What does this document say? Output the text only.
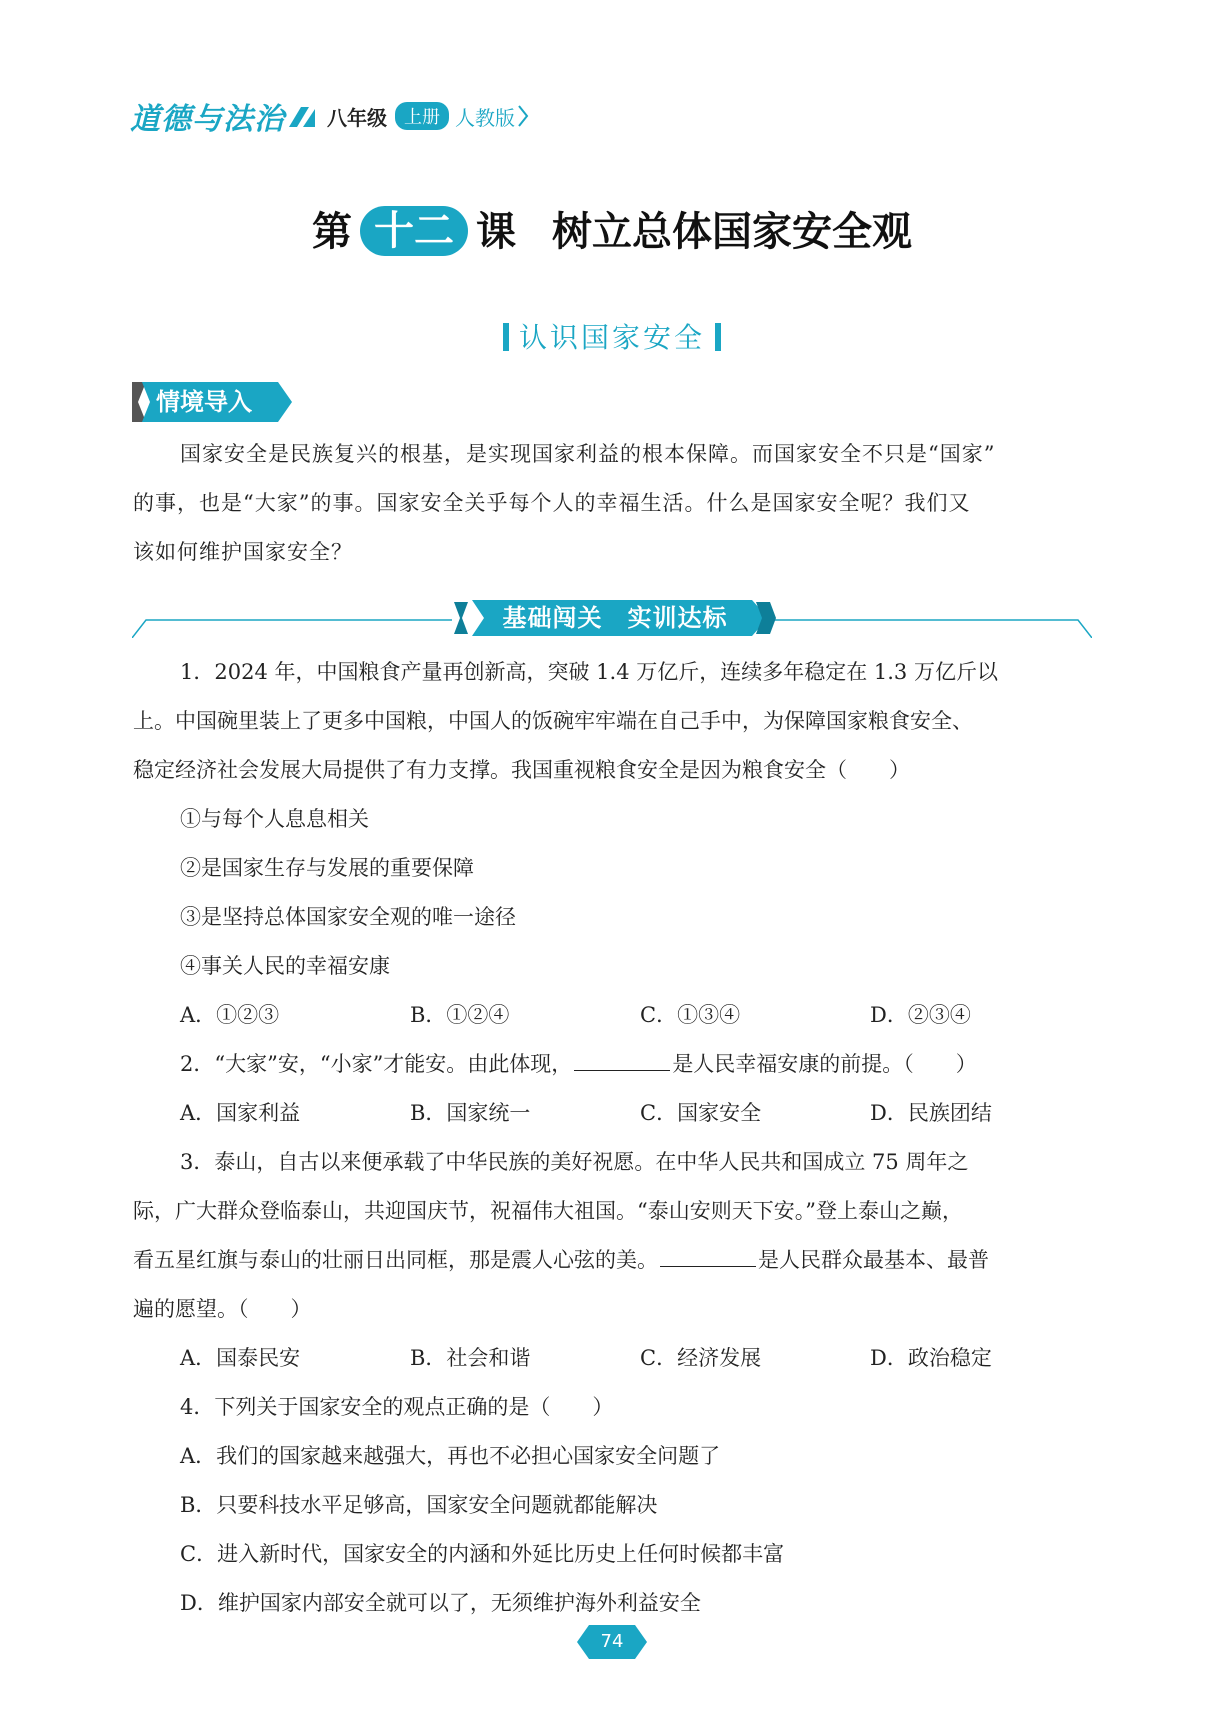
道德与法治 八年级 上册 人教版
第 十二 课 树立总体国家安全观
认识国家安全
情境导入
国家安全是民族复兴的根基，是实现国家利益的根本保障。而国家安全不只是“国家”
的事，也是“大家”的事。国家安全关乎每个人的幸福生活。什么是国家安全呢？我们又
该如何维护国家安全？
基础闯关　实训达标
1．2024 年，中国粮食产量再创新高，突破 1.4 万亿斤，连续多年稳定在 1.3 万亿斤以
上。中国碗里装上了更多中国粮，中国人的饭碗牢牢端在自己手中，为保障国家粮食安全、
稳定经济社会发展大局提供了有力支撑。我国重视粮食安全是因为粮食安全（　　）
①与每个人息息相关
②是国家生存与发展的重要保障
③是坚持总体国家安全观的唯一途径
④事关人民的幸福安康
A．①②③	B．①②④	C．①③④	D．②③④
2．“大家”安，“小家”才能安。由此体现，	是人民幸福安康的前提。（　　）
A．国家利益	B．国家统一	C．国家安全	D．民族团结
3．泰山，自古以来便承载了中华民族的美好祝愿。在中华人民共和国成立 75 周年之
际，广大群众登临泰山，共迎国庆节，祝福伟大祖国。“泰山安则天下安。”登上泰山之巅，
看五星红旗与泰山的壮丽日出同框，那是震人心弦的美。	是人民群众最基本、最普
遍的愿望。（　　）
A．国泰民安	B．社会和谐	C．经济发展	D．政治稳定
4．下列关于国家安全的观点正确的是（　　）
A．我们的国家越来越强大，再也不必担心国家安全问题了
B．只要科技水平足够高，国家安全问题就都能解决
C．进入新时代，国家安全的内涵和外延比历史上任何时候都丰富
D．维护国家内部安全就可以了，无须维护海外利益安全
74
